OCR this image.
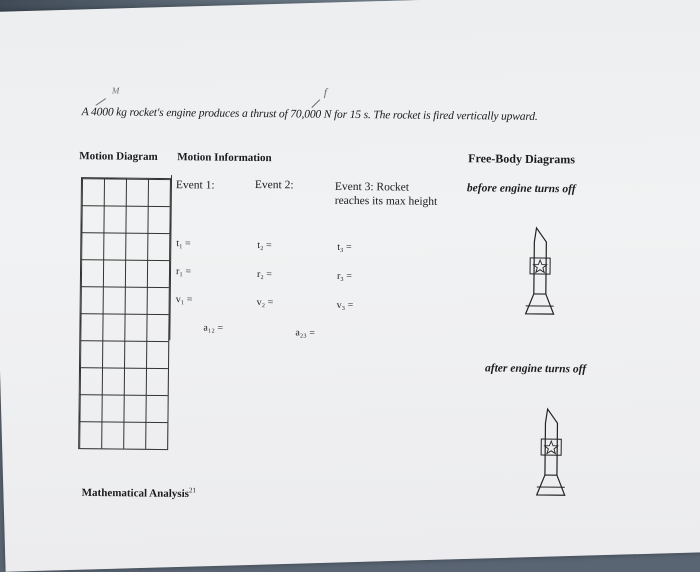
M	f
A 4000 kg rocket's engine produces a thrust of 70,000 N for 15 s. The rocket is fired vertically upward.
Motion Diagram Motion Information	Free-Body Diagrams
Event 1:	Event 2:	Event 3: Rocket
reaches its max height
t₁ =	t₂ =	t₃ =
r₁ =	r₂ =	r₃ =
v₁ =	v₂ =	v₃ =
a₁₂ =	a₂₃ =
before engine turns off
after engine turns off
Mathematical Analysis$^{21}$
